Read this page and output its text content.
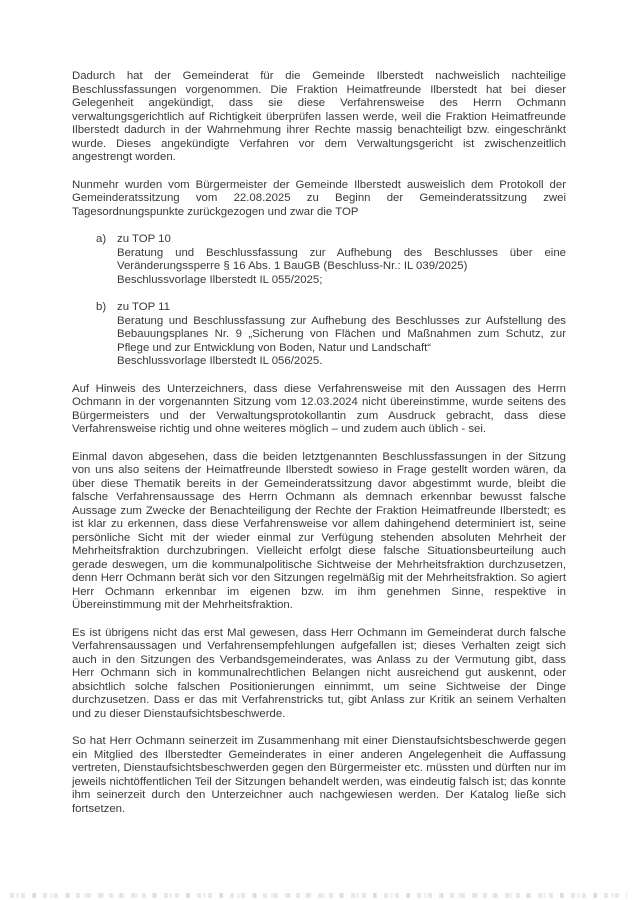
Dadurch hat der Gemeinderat für die Gemeinde Ilberstedt nachweislich nachteilige Beschlussfassungen vorgenommen. Die Fraktion Heimatfreunde Ilberstedt hat bei dieser Gelegenheit angekündigt, dass sie diese Verfahrensweise des Herrn Ochmann verwaltungsgerichtlich auf Richtigkeit überprüfen lassen werde, weil die Fraktion Heimatfreunde Ilberstedt dadurch in der Wahrnehmung ihrer Rechte massig benachteiligt bzw. eingeschränkt wurde. Dieses angekündigte Verfahren vor dem Verwaltungsgericht ist zwischenzeitlich angestrengt worden.

Nunmehr wurden vom Bürgermeister der Gemeinde Ilberstedt ausweislich dem Protokoll der Gemeinderatssitzung vom 22.08.2025 zu Beginn der Gemeinderatssitzung zwei Tagesordnungspunkte zurückgezogen und zwar die TOP

a) zu TOP 10
Beratung und Beschlussfassung zur Aufhebung des Beschlusses über eine Veränderungssperre § 16 Abs. 1 BauGB (Beschluss-Nr.: IL 039/2025)
Beschlussvorlage Ilberstedt IL 055/2025;
b) zu TOP 11
Beratung und Beschlussfassung zur Aufhebung des Beschlusses zur Aufstellung des Bebauungsplanes Nr. 9 „Sicherung von Flächen und Maßnahmen zum Schutz, zur Pflege und zur Entwicklung von Boden, Natur und Landschaft“
Beschlussvorlage Ilberstedt IL 056/2025.

Auf Hinweis des Unterzeichners, dass diese Verfahrensweise mit den Aussagen des Herrn Ochmann in der vorgenannten Sitzung vom 12.03.2024 nicht übereinstimme, wurde seitens des Bürgermeisters und der Verwaltungsprotokollantin zum Ausdruck gebracht, dass diese Verfahrensweise richtig und ohne weiteres möglich – und zudem auch üblich - sei.

Einmal davon abgesehen, dass die beiden letztgenannten Beschlussfassungen in der Sitzung von uns also seitens der Heimatfreunde Ilberstedt sowieso in Frage gestellt worden wären, da über diese Thematik bereits in der Gemeinderatssitzung davor abgestimmt wurde, bleibt die falsche Verfahrensaussage des Herrn Ochmann als demnach erkennbar bewusst falsche Aussage zum Zwecke der Benachteiligung der Rechte der Fraktion Heimatfreunde Ilberstedt; es ist klar zu erkennen, dass diese Verfahrensweise vor allem dahingehend determiniert ist, seine persönliche Sicht mit der wieder einmal zur Verfügung stehenden absoluten Mehrheit der Mehrheitsfraktion durchzubringen. Vielleicht erfolgt diese falsche Situationsbeurteilung auch gerade deswegen, um die kommunalpolitische Sichtweise der Mehrheitsfraktion durchzusetzen, denn Herr Ochmann berät sich vor den Sitzungen regelmäßig mit der Mehrheitsfraktion. So agiert Herr Ochmann erkennbar im eigenen bzw. im ihm genehmen Sinne, respektive in Übereinstimmung mit der Mehrheitsfraktion.

Es ist übrigens nicht das erst Mal gewesen, dass Herr Ochmann im Gemeinderat durch falsche Verfahrensaussagen und Verfahrensempfehlungen aufgefallen ist; dieses Verhalten zeigt sich auch in den Sitzungen des Verbandsgemeinderates, was Anlass zu der Vermutung gibt, dass Herr Ochmann sich in kommunalrechtlichen Belangen nicht ausreichend gut auskennt, oder absichtlich solche falschen Positionierungen einnimmt, um seine Sichtweise der Dinge durchzusetzen. Dass er das mit Verfahrenstricks tut, gibt Anlass zur Kritik an seinem Verhalten und zu dieser Dienstaufsichtsbeschwerde.

So hat Herr Ochmann seinerzeit im Zusammenhang mit einer Dienstaufsichtsbeschwerde gegen ein Mitglied des Ilberstedter Gemeinderates in einer anderen Angelegenheit die Auffassung vertreten, Dienstaufsichtsbeschwerden gegen den Bürgermeister etc. müssten und dürften nur im jeweils nichtöffentlichen Teil der Sitzungen behandelt werden, was eindeutig falsch ist; das konnte ihm seinerzeit durch den Unterzeichner auch nachgewiesen werden. Der Katalog ließe sich fortsetzen.
